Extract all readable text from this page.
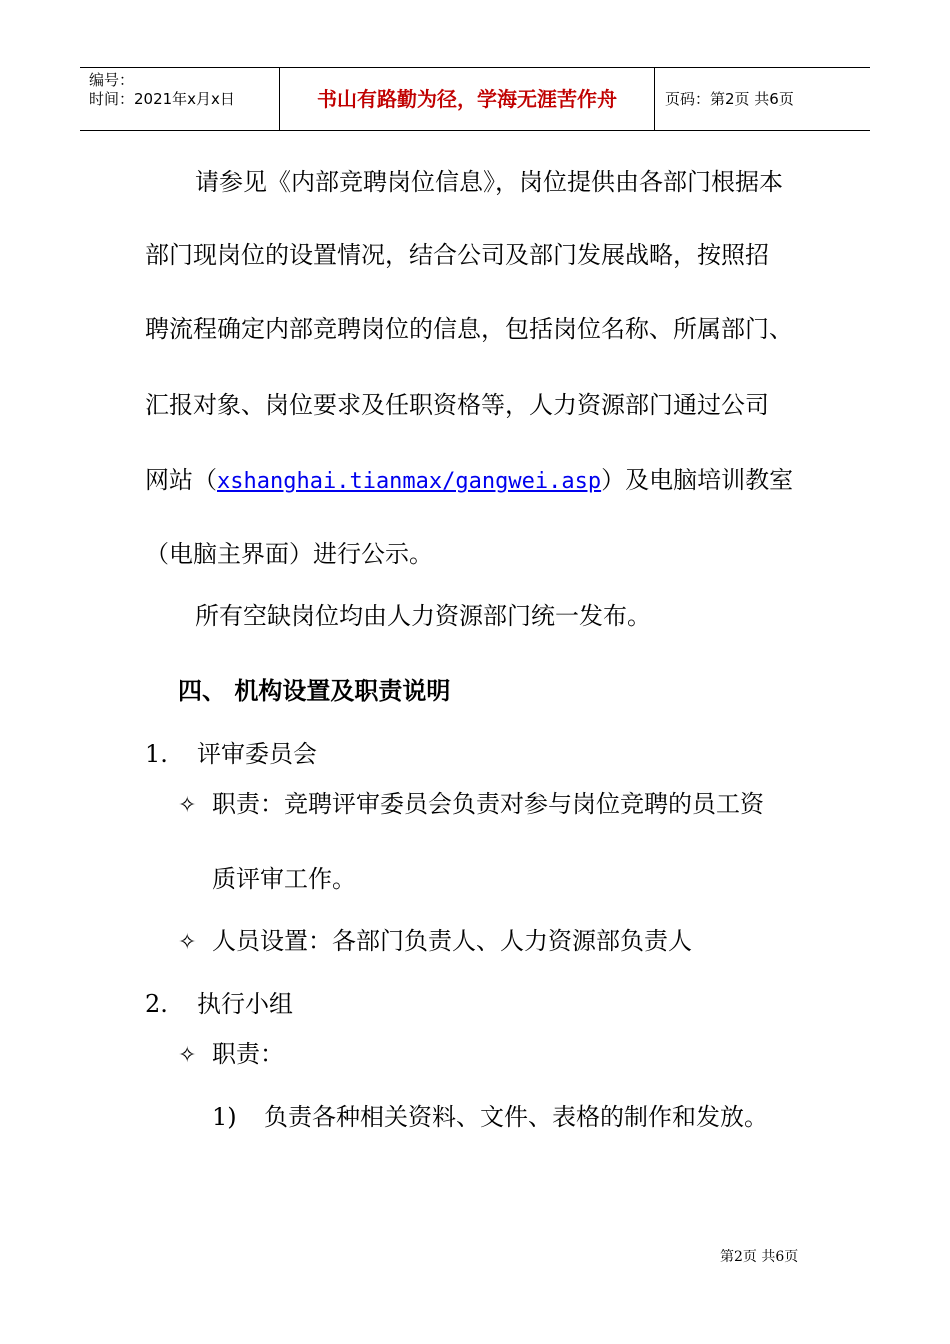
编号：
时间：2021年x月x日	书山有路勤为径，学海无涯苦作舟	页码：第2页 共6页
请参见《内部竞聘岗位信息》，岗位提供由各部门根据本
部门现岗位的设置情况，结合公司及部门发展战略，按照招
聘流程确定内部竞聘岗位的信息，包括岗位名称、所属部门、
汇报对象、岗位要求及任职资格等，人力资源部门通过公司
网站（xshanghai.tianmax/gangwei.asp）及电脑培训教室
（电脑主界面）进行公示。
所有空缺岗位均由人力资源部门统一发布。
四、 机构设置及职责说明
1. 评审委员会
✧ 职责：竞聘评审委员会负责对参与岗位竞聘的员工资
质评审工作。
✧ 人员设置：各部门负责人、人力资源部负责人
2. 执行小组
✧ 职责：
1) 负责各种相关资料、文件、表格的制作和发放。
第2页 共6页
